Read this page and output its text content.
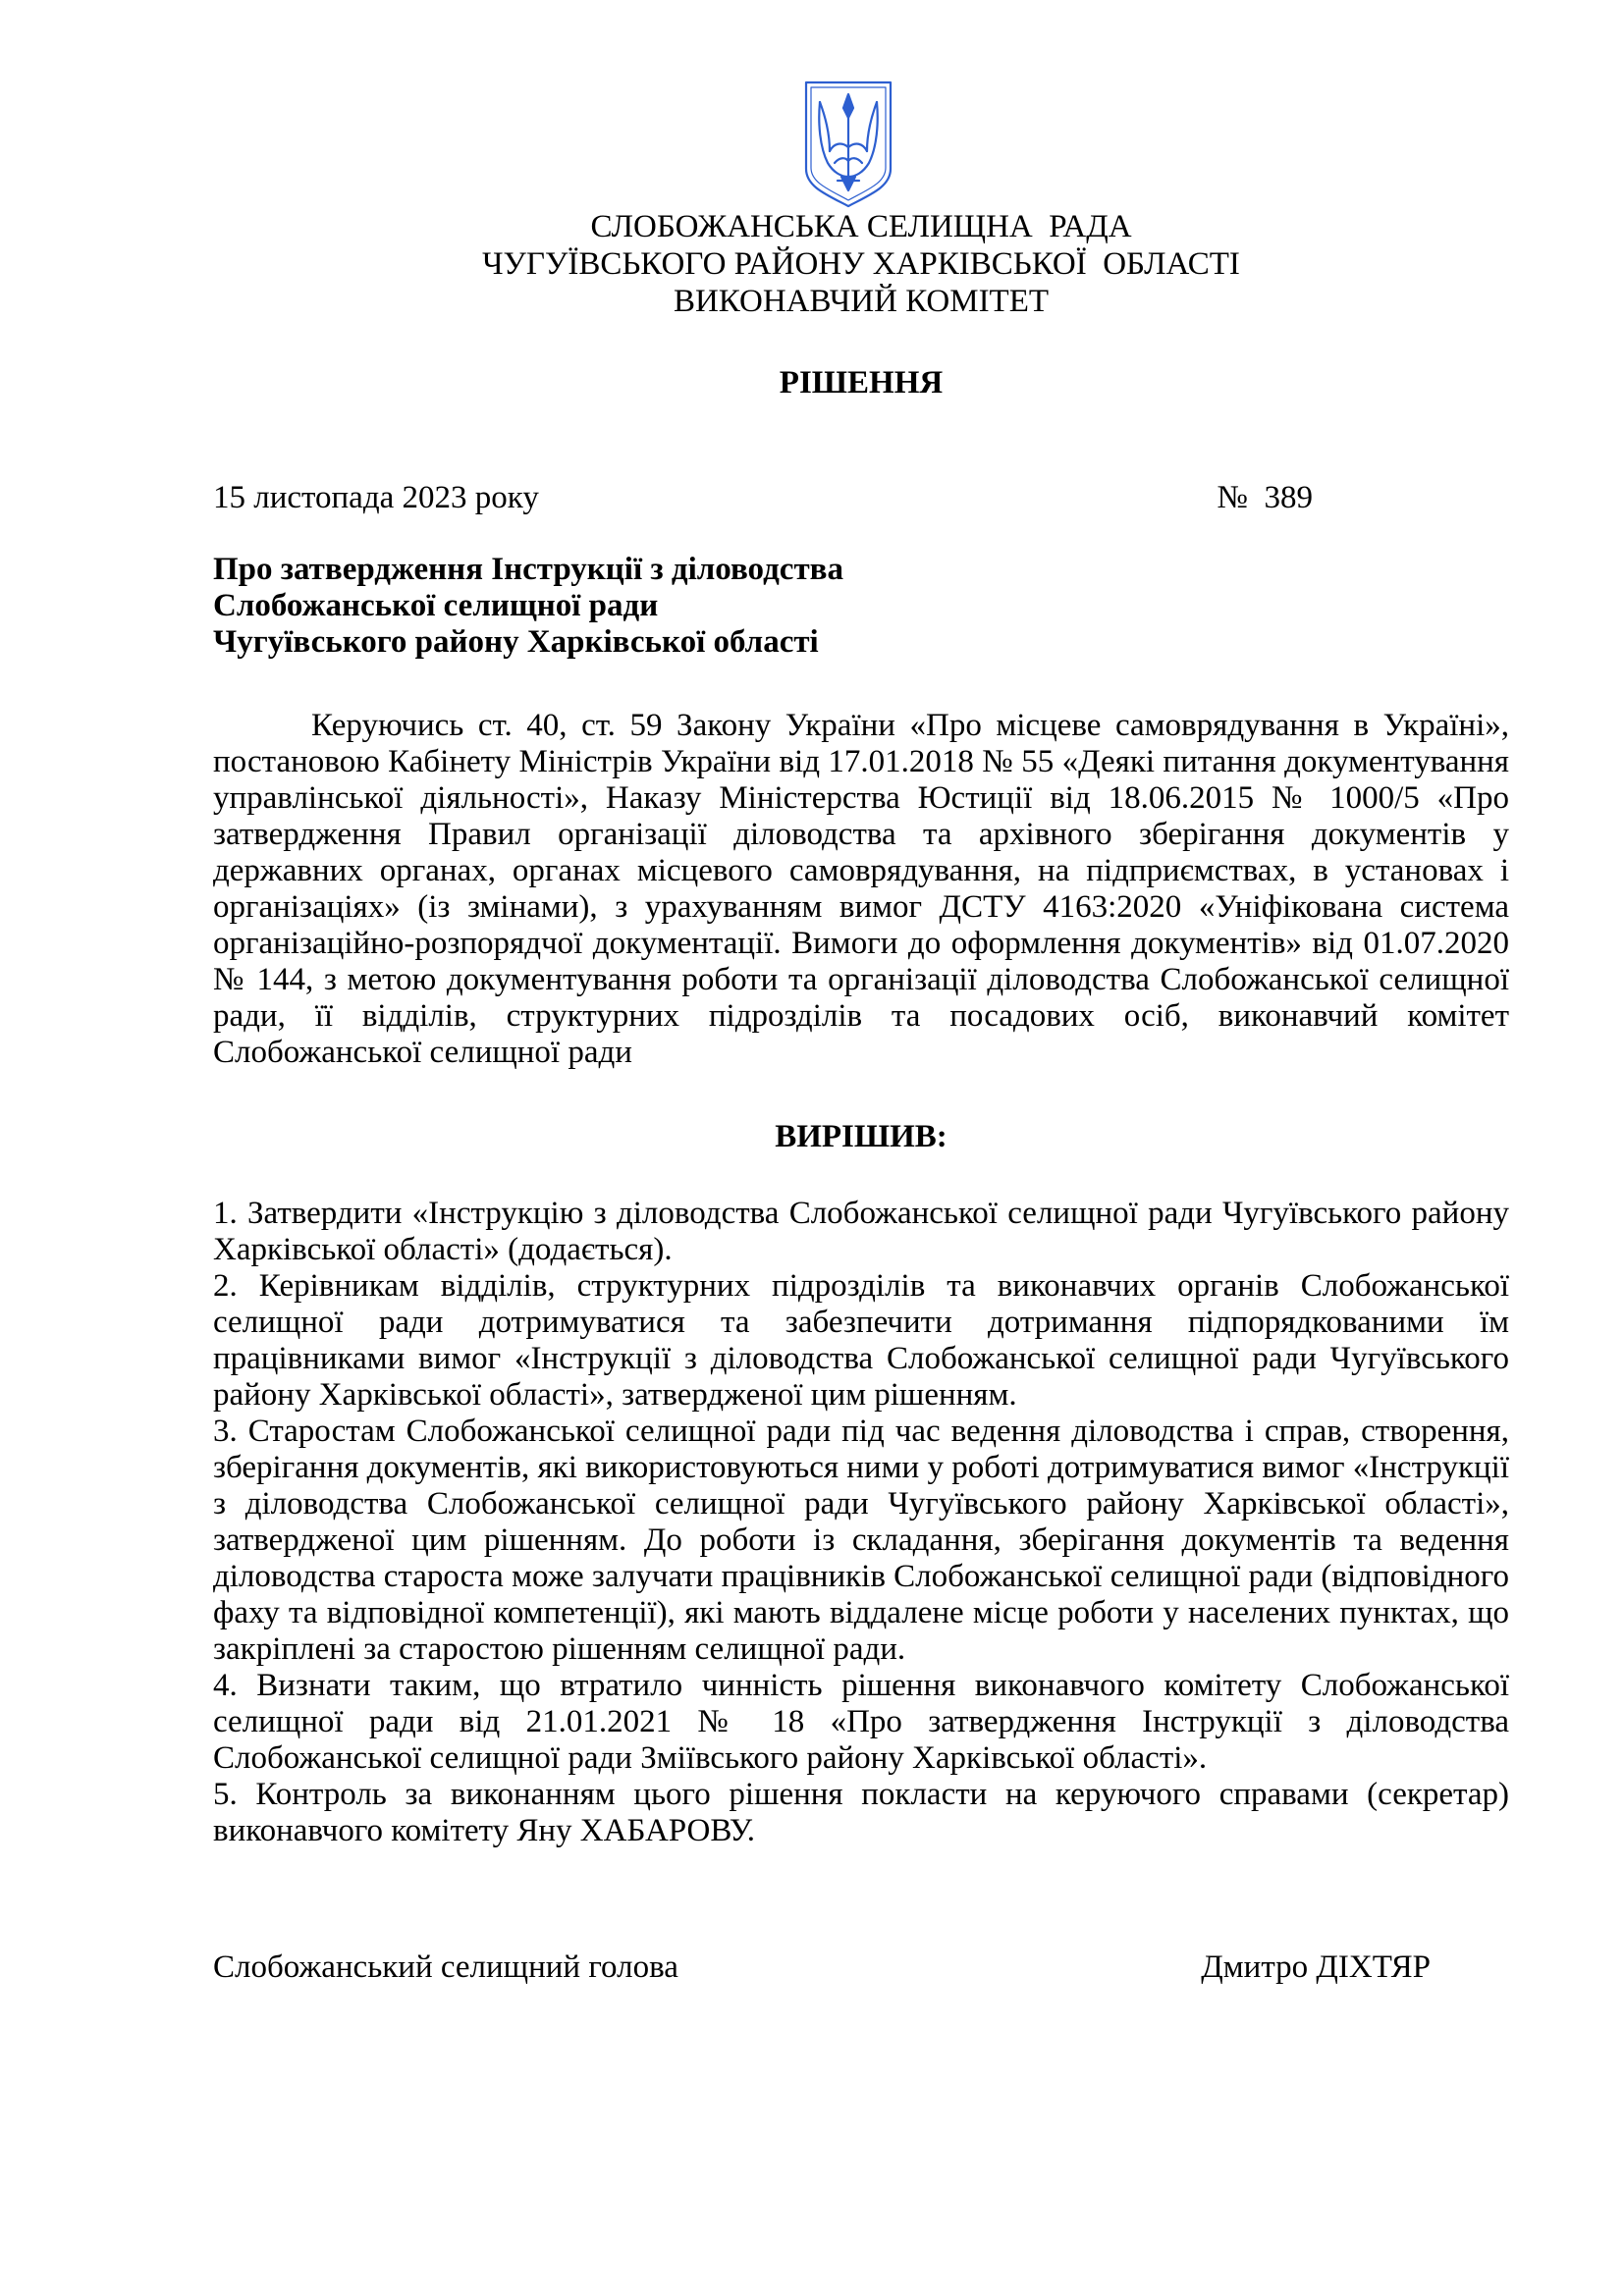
СЛОБОЖАНСЬКА СЕЛИЩНА  РАДА
ЧУГУЇВСЬКОГО РАЙОНУ ХАРКІВСЬКОЇ  ОБЛАСТІ
ВИКОНАВЧИЙ КОМІТЕТ
РІШЕННЯ
15 листопада 2023 року	№  389
Про затвердження Інструкції з діловодства
Слобожанської селищної ради
Чугуївського району Харківської області

Керуючись ст. 40, ст. 59 Закону України «Про місцеве самоврядування в Україні», постановою Кабінету Міністрів України від 17.01.2018 № 55 «Деякі питання документування управлінської діяльності», Наказу Міністерства Юстиції від 18.06.2015 № 1000/5 «Про затвердження Правил організації діловодства та архівного зберігання документів у державних органах, органах місцевого самоврядування, на підприємствах, в установах і організаціях» (із змінами), з урахуванням вимог ДСТУ 4163:2020 «Уніфікована система організаційно-розпорядчої документації. Вимоги до оформлення документів» від 01.07.2020 № 144, з метою документування роботи та організації діловодства Слобожанської селищної ради, її відділів, структурних підрозділів та посадових осіб, виконавчий комітет Слобожанської селищної ради

ВИРІШИВ:

1. Затвердити «Інструкцію з діловодства Слобожанської селищної ради Чугуївського району Харківської області» (додається).

2. Керівникам відділів, структурних підрозділів та виконавчих органів Слобожанської селищної ради дотримуватися та забезпечити дотримання підпорядкованими їм працівниками вимог «Інструкції з діловодства Слобожанської селищної ради Чугуївського району Харківської області», затвердженої цим рішенням.

3. Старостам Слобожанської селищної ради під час ведення діловодства і справ, створення, зберігання документів, які використовуються ними у роботі дотримуватися вимог «Інструкції з діловодства Слобожанської селищної ради Чугуївського району Харківської області», затвердженої цим рішенням. До роботи із складання, зберігання документів та ведення діловодства староста може залучати працівників Слобожанської селищної ради (відповідного фаху та відповідної компетенції), які мають віддалене місце роботи у населених пунктах, що закріплені за старостою рішенням селищної ради.

4. Визнати таким, що втратило чинність рішення виконавчого комітету Слобожанської селищної ради від 21.01.2021 № 18 «Про затвердження Інструкції з діловодства Слобожанської селищної ради Зміївського району Харківської області».

5. Контроль за виконанням цього рішення покласти на керуючого справами (секретар) виконавчого комітету Яну ХАБАРОВУ.

Слобожанський селищний голова	Дмитро ДІХТЯР
